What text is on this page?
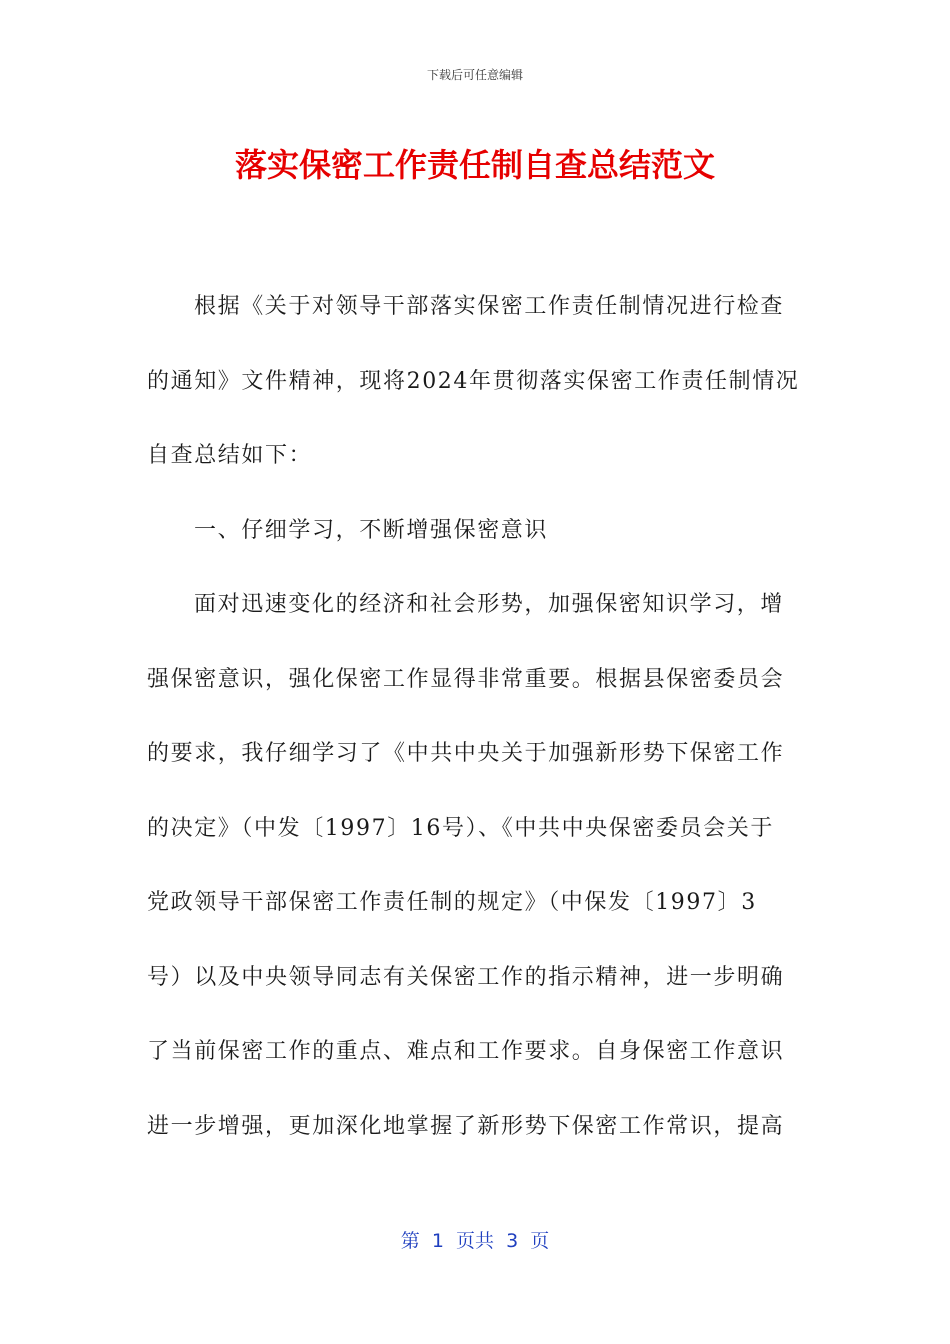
下载后可任意编辑
落实保密工作责任制自查总结范文
根据《关于对领导干部落实保密工作责任制情况进行检查
的通知》文件精神，现将2024年贯彻落实保密工作责任制情况
自查总结如下：
一、仔细学习，不断增强保密意识
面对迅速变化的经济和社会形势，加强保密知识学习，增
强保密意识，强化保密工作显得非常重要。根据县保密委员会
的要求，我仔细学习了《中共中央关于加强新形势下保密工作
的决定》（中发〔1997〕16号）、《中共中央保密委员会关于
党政领导干部保密工作责任制的规定》（中保发〔1997〕3
号）以及中央领导同志有关保密工作的指示精神，进一步明确
了当前保密工作的重点、难点和工作要求。自身保密工作意识
进一步增强，更加深化地掌握了新形势下保密工作常识，提高
第  1  页共  3  页
